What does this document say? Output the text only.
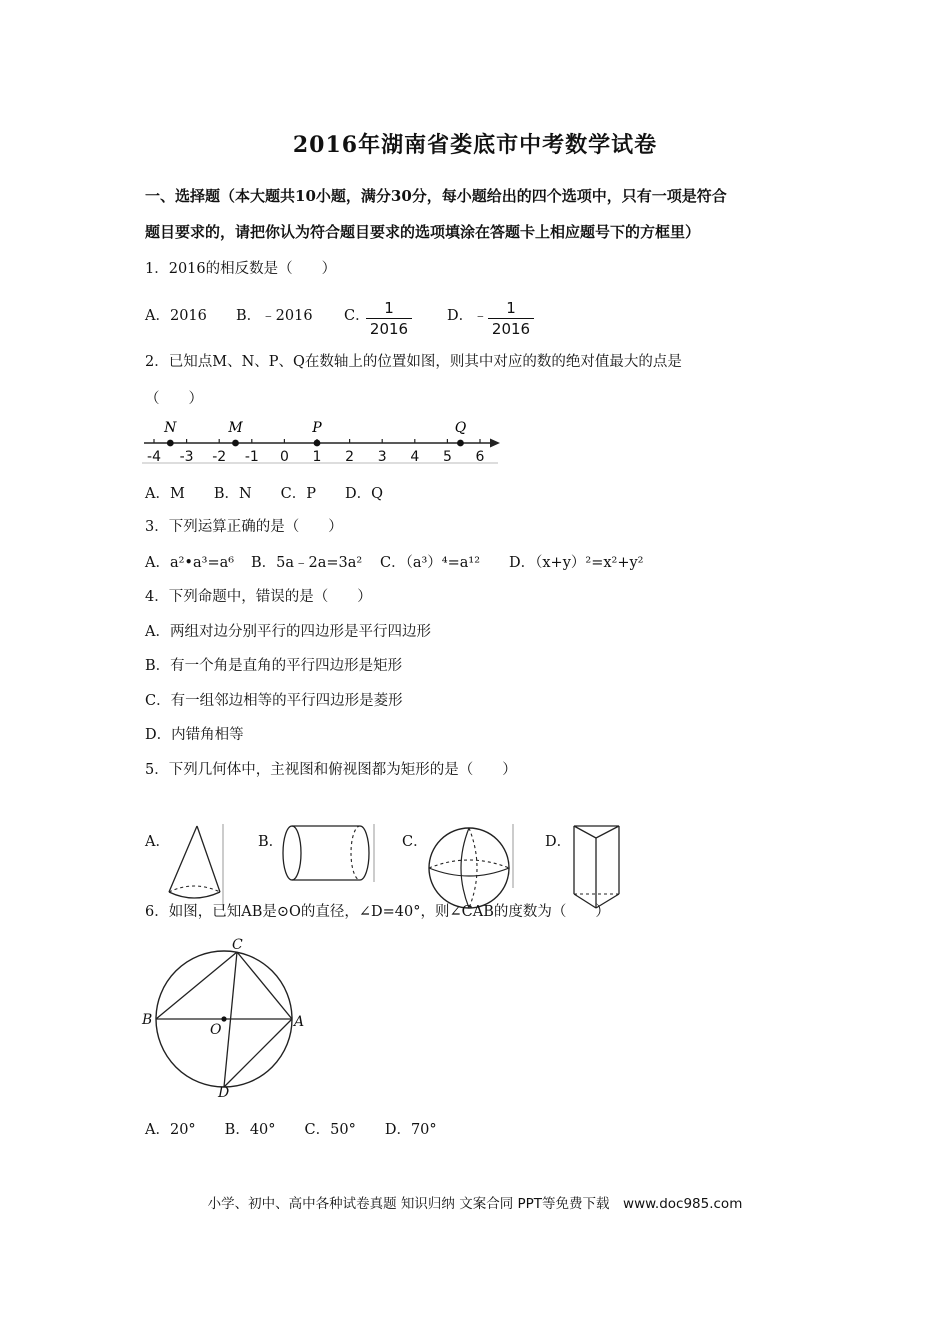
2016年湖南省娄底市中考数学试卷
一、选择题（本大题共10小题，满分30分，每小题给出的四个选项中，只有一项是符合
题目要求的，请把你认为符合题目要求的选项填涂在答题卡上相应题号下的方框里）
1．2016的相反数是（　　）
A．2016 B．﹣2016 C． 1
2016
D．﹣	1
2016
2．已知点M、N、P、Q在数轴上的位置如图，则其中对应的数的绝对值最大的点是
（　　）
-4 -3 -2 -1 0 1 2 3 4 5 6
N	M	P	Q
A．M　　B．N　　C．P　　D．Q
3．下列运算正确的是（　　）
A．a²•a³=a⁶ B．5a﹣2a=3a² C．（a³）⁴=a¹² D．（x+y）²=x²+y²
4．下列命题中，错误的是（　　）
A．两组对边分别平行的四边形是平行四边形
B．有一个角是直角的平行四边形是矩形
C．有一组邻边相等的平行四边形是菱形
D．内错角相等
5．下列几何体中，主视图和俯视图都为矩形的是（　　）
A．	B．	C．	D．
6．如图，已知AB是⊙O的直径，∠D=40°，则∠CAB的度数为（　　）
C
B
O	A
D
A．20°　　B．40°　　C．50°　　D．70°
小学、初中、高中各种试卷真题 知识归纳 文案合同 PPT等免费下载　www.doc985.com
